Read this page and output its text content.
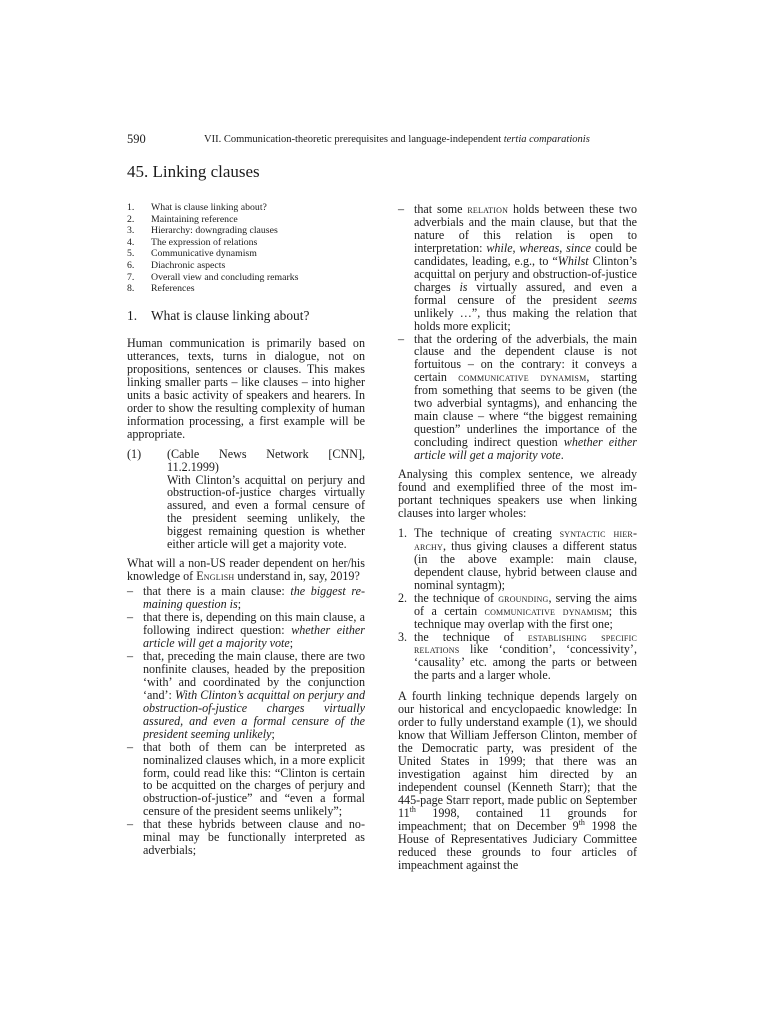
590	VII. Communication-theoretic prerequisites and language-independent tertia comparationis
45. Linking clauses
1. What is clause linking about?
2. Maintaining reference
3. Hierarchy: downgrading clauses
4. The expression of relations
5. Communicative dynamism
6. Diachronic aspects
7. Overall view and concluding remarks
8. References
1. What is clause linking about?

Human communication is primarily based on utterances, texts, turns in dialogue, not on propositions, sentences or clauses. This makes linking smaller parts – like clauses – into higher units a basic activity of speakers and hearers. In order to show the resulting complexity of human information processing, a first example will be appropriate.

(1) (Cable News Network [CNN],
11.2.1999)
With Clinton’s acquittal on perjury and obstruction-of-justice charges virtually assured, and even a formal censure of the president seeming unlikely, the biggest remaining question is whether either article will get a majority vote.

What will a non-US reader dependent on her/his knowledge of English understand in, say, 2019?

– that there is a main clause: the biggest remaining question is;
– that there is, depending on this main clause, a following indirect question: whether either article will get a majority vote;
– that, preceding the main clause, there are two nonfinite clauses, headed by the preposition ‘with’ and coordinated by the conjunction ‘and’: With Clinton’s acquittal on perjury and obstruction-of-justice charges virtually assured, and even a formal censure of the president seeming unlikely;
– that both of them can be interpreted as nominalized clauses which, in a more explicit form, could read like this: “Clinton is certain to be acquitted on the charges of perjury and obstruction-of-justice” and “even a formal censure of the president seems unlikely”;
– that these hybrids between clause and nominal may be functionally interpreted as adverbials;
– that some relation holds between these two adverbials and the main clause, but that the nature of this relation is open to interpretation: while, whereas, since could be candidates, leading, e.g., to “Whilst Clinton’s acquittal on perjury and obstruction-of-justice charges is virtually assured, and even a formal censure of the president seems unlikely …”, thus making the relation that holds more explicit;
– that the ordering of the adverbials, the main clause and the dependent clause is not fortuitous – on the contrary: it conveys a certain communicative dynamism, starting from something that seems to be given (the two adverbial syntagms), and enhancing the main clause – where “the biggest remaining question” underlines the importance of the concluding indirect question whether either article will get a majority vote.

Analysing this complex sentence, we already found and exemplified three of the most important techniques speakers use when linking clauses into larger wholes:

1. The technique of creating syntactic hierarchy, thus giving clauses a different status (in the above example: main clause, dependent clause, hybrid between clause and nominal syntagm);
2. the technique of grounding, serving the aims of a certain communicative dynamism; this technique may overlap with the first one;
3. the technique of establishing specific relations like ‘condition’, ‘concessivity’, ‘causality’ etc. among the parts or between the parts and a larger whole.

A fourth linking technique depends largely on our historical and encyclopaedic knowledge: In order to fully understand example (1), we should know that William Jefferson Clinton, member of the Democratic party, was president of the United States in 1999; that there was an investigation against him directed by an independent counsel (Kenneth Starr); that the 445-page Starr report, made public on September 11th 1998, contained 11 grounds for impeachment; that on December 9th 1998 the House of Representatives Judiciary Committee reduced these grounds to four articles of impeachment against the
